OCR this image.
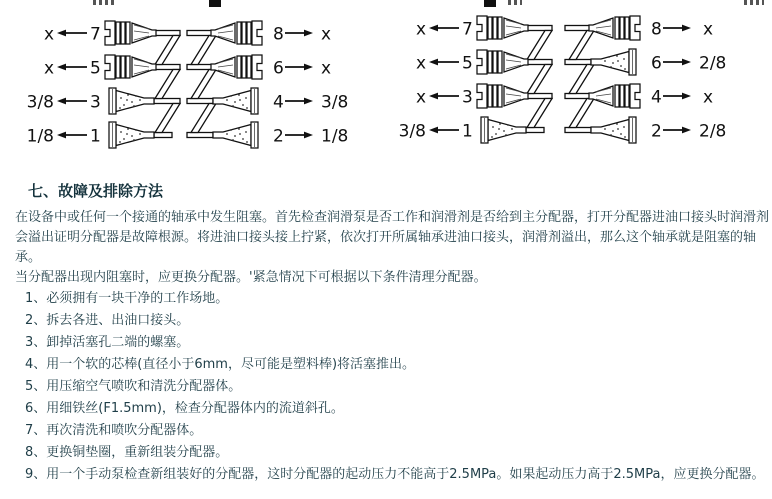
x 7
x 5
3/8 3
1/8 1
8 x
6 x
4 3/8
2 1/8
x 7
x 5
x 3
3/8 1
8 x
6 2/8
4 x
2 2/8
七、故障及排除方法
在设备中或任何一个接通的轴承中发生阻塞。首先检查润滑泵是否工作和润滑剂是否给到主分配器，打开分配器进油口接头时润滑剂
会溢出证明分配器是故障根源。将进油口接头接上拧紧，依次打开所属轴承进油口接头，润滑剂溢出，那么这个轴承就是阻塞的轴
承。
当分配器出现内阻塞时，应更换分配器。'紧急情况下可根据以下条件清理分配器。
1、必须拥有一块干净的工作场地。
2、拆去各进、出油口接头。
3、卸掉活塞孔二端的螺塞。
4、用一个软的芯棒(直径小于6mm，尽可能是塑料棒)将活塞推出。
5、用压缩空气喷吹和清洗分配器体。
6、用细铁丝(F1.5mm)，检查分配器体内的流道斜孔。
7、再次清洗和喷吹分配器体。
8、更换铜垫圈，重新组装分配器。
9、用一个手动泵检查新组装好的分配器，这时分配器的起动压力不能高于2.5MPa。如果起动压力高于2.5MPa，应更换分配器。
